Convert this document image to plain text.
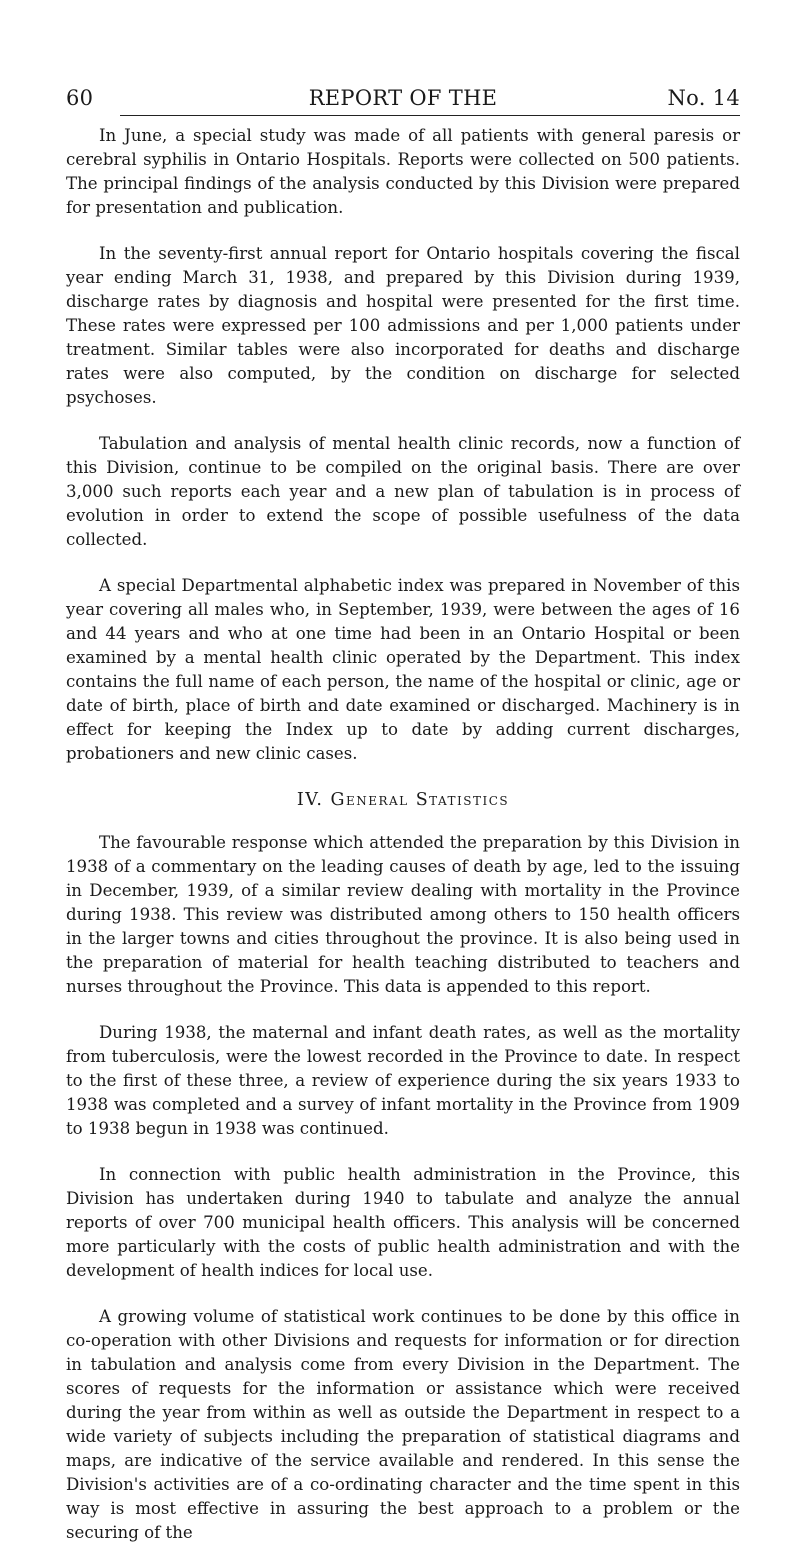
60	REPORT OF THE	No. 14

In June, a special study was made of all patients with general paresis or cerebral syphilis in Ontario Hospitals. Reports were collected on 500 patients. The principal findings of the analysis conducted by this Division were prepared for presentation and publication.

In the seventy-first annual report for Ontario hospitals covering the fiscal year ending March 31, 1938, and prepared by this Division during 1939, discharge rates by diagnosis and hospital were presented for the first time. These rates were expressed per 100 admissions and per 1,000 patients under treatment. Similar tables were also incorporated for deaths and discharge rates were also computed, by the condition on discharge for selected psychoses.

Tabulation and analysis of mental health clinic records, now a function of this Division, continue to be compiled on the original basis. There are over 3,000 such reports each year and a new plan of tabulation is in process of evolution in order to extend the scope of possible usefulness of the data collected.

A special Departmental alphabetic index was prepared in November of this year covering all males who, in September, 1939, were between the ages of 16 and 44 years and who at one time had been in an Ontario Hospital or been examined by a mental health clinic operated by the Department. This index contains the full name of each person, the name of the hospital or clinic, age or date of birth, place of birth and date examined or discharged. Machinery is in effect for keeping the Index up to date by adding current discharges, probationers and new clinic cases.

IV. General Statistics

The favourable response which attended the preparation by this Division in 1938 of a commentary on the leading causes of death by age, led to the issuing in December, 1939, of a similar review dealing with mortality in the Province during 1938. This review was distributed among others to 150 health officers in the larger towns and cities throughout the province. It is also being used in the preparation of material for health teaching distributed to teachers and nurses throughout the Province. This data is appended to this report.

During 1938, the maternal and infant death rates, as well as the mortality from tuberculosis, were the lowest recorded in the Province to date. In respect to the first of these three, a review of experience during the six years 1933 to 1938 was completed and a survey of infant mortality in the Province from 1909 to 1938 begun in 1938 was continued.

In connection with public health administration in the Province, this Division has undertaken during 1940 to tabulate and analyze the annual reports of over 700 municipal health officers. This analysis will be concerned more particularly with the costs of public health administration and with the development of health indices for local use.

A growing volume of statistical work continues to be done by this office in co-operation with other Divisions and requests for information or for direction in tabulation and analysis come from every Division in the Department. The scores of requests for the information or assistance which were received during the year from within as well as outside the Department in respect to a wide variety of subjects including the preparation of statistical diagrams and maps, are indicative of the service available and rendered. In this sense the Division's activities are of a co-ordinating character and the time spent in this way is most effective in assuring the best approach to a problem or the securing of the
